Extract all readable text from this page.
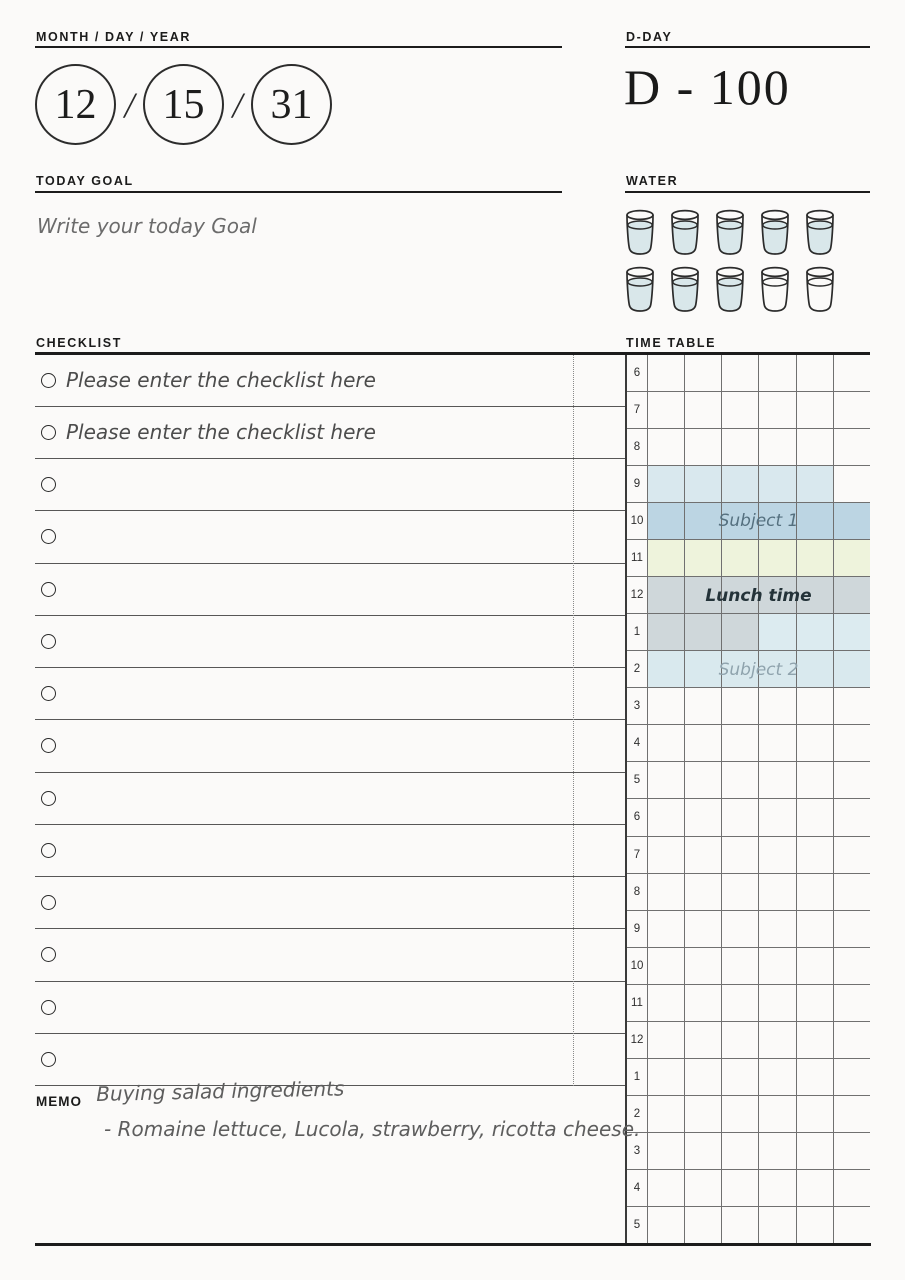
MONTH / DAY / YEAR
12 / 15 / 31
D-DAY
D - 100
TODAY GOAL
Write your today Goal
WATER
CHECKLIST
Please enter the checklist here
Please enter the checklist here
TIME TABLE
6
7
8
9
10
11
12
1
2
3
4
5
6
7
8
9
10
11
12
1
2
3
4
5
Subject 1
Lunch time
Subject 2
MEMO Buying salad ingredients
- Romaine lettuce, Lucola, strawberry, ricotta cheese.
